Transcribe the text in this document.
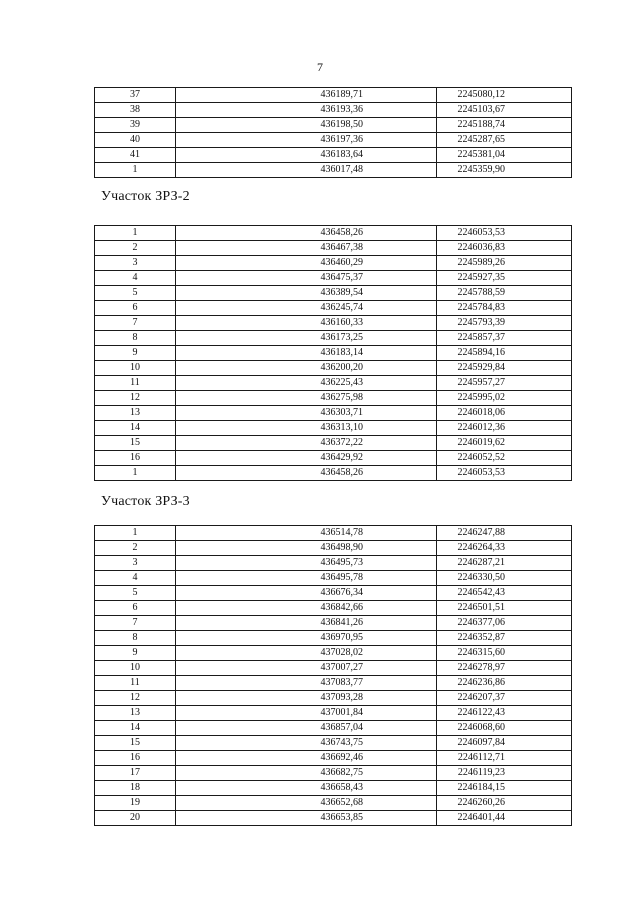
7
37	436189,71	2245080,12
38	436193,36	2245103,67
39	436198,50	2245188,74
40	436197,36	2245287,65
41	436183,64	2245381,04
1	436017,48	2245359,90
Участок ЗРЗ-2
1	436458,26	2246053,53
2	436467,38	2246036,83
3	436460,29	2245989,26
4	436475,37	2245927,35
5	436389,54	2245788,59
6	436245,74	2245784,83
7	436160,33	2245793,39
8	436173,25	2245857,37
9	436183,14	2245894,16
10	436200,20	2245929,84
11	436225,43	2245957,27
12	436275,98	2245995,02
13	436303,71	2246018,06
14	436313,10	2246012,36
15	436372,22	2246019,62
16	436429,92	2246052,52
1	436458,26	2246053,53
Участок ЗРЗ-3
1	436514,78	2246247,88
2	436498,90	2246264,33
3	436495,73	2246287,21
4	436495,78	2246330,50
5	436676,34	2246542,43
6	436842,66	2246501,51
7	436841,26	2246377,06
8	436970,95	2246352,87
9	437028,02	2246315,60
10	437007,27	2246278,97
11	437083,77	2246236,86
12	437093,28	2246207,37
13	437001,84	2246122,43
14	436857,04	2246068,60
15	436743,75	2246097,84
16	436692,46	2246112,71
17	436682,75	2246119,23
18	436658,43	2246184,15
19	436652,68	2246260,26
20	436653,85	2246401,44
